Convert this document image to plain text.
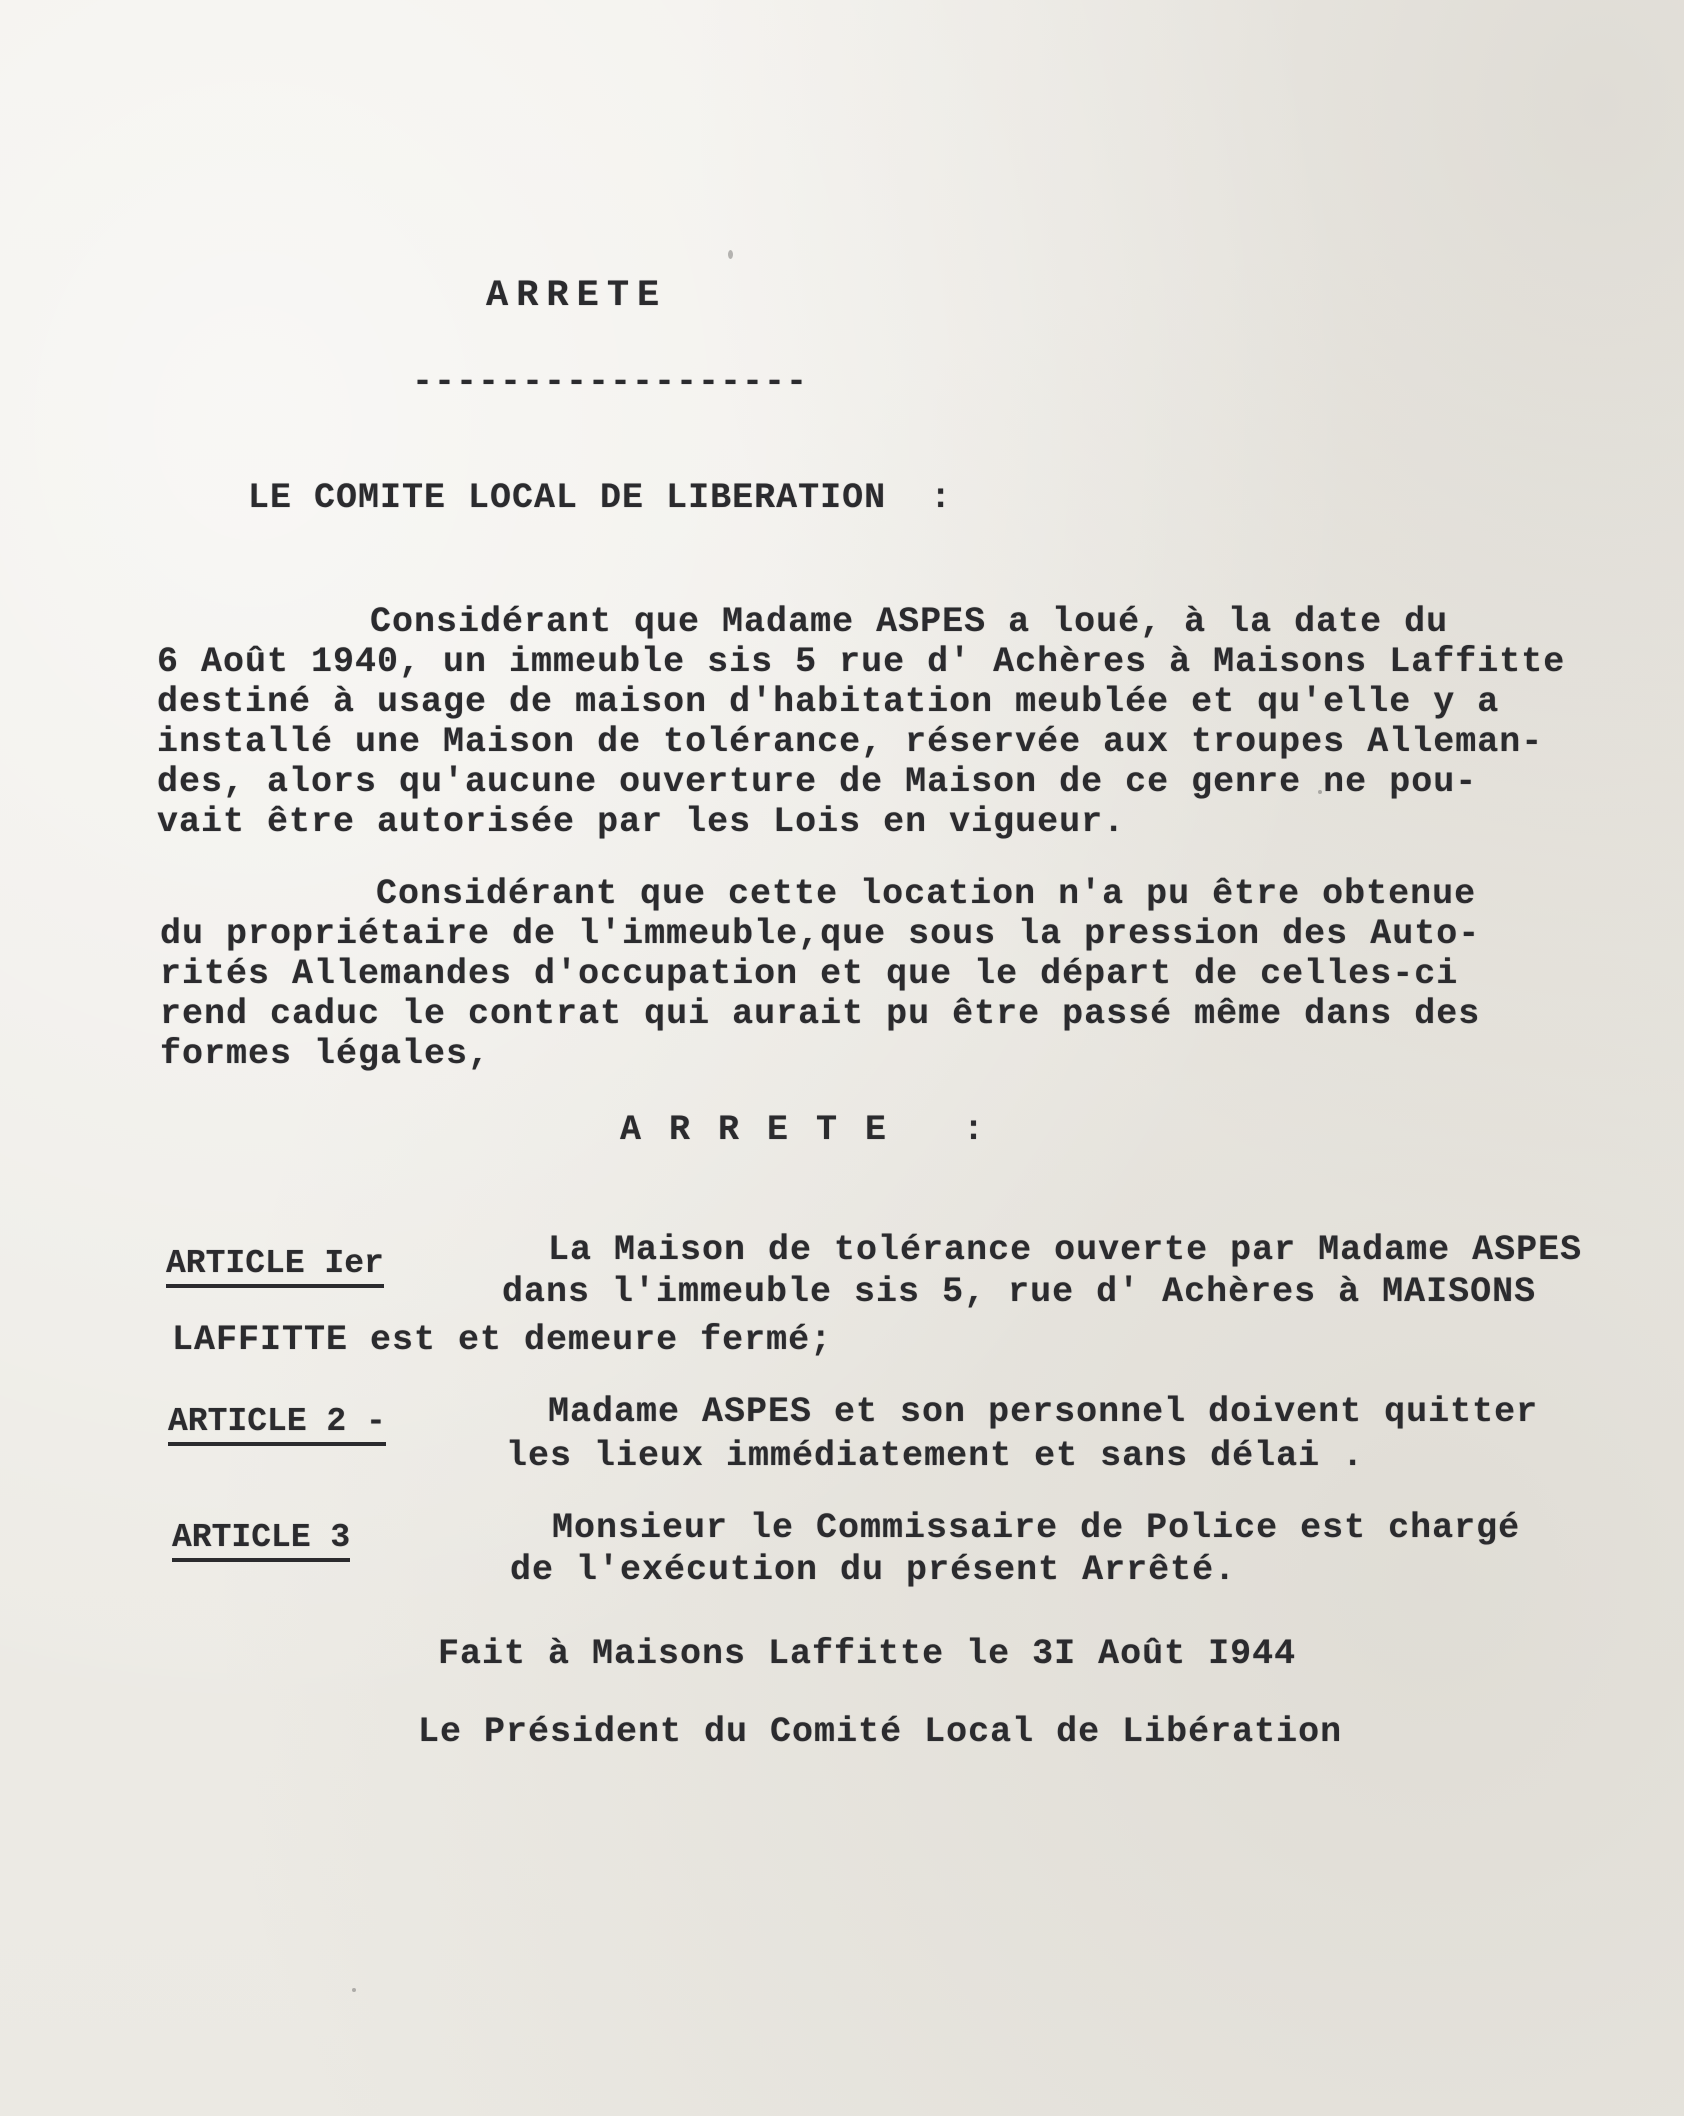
ARRETE
------------------
LE COMITE LOCAL DE LIBERATION  :
Considérant que Madame ASPES a loué, à la date du
6 Août 1940, un immeuble sis 5 rue d' Achères à Maisons Laffitte
destiné à usage de maison d'habitation meublée et qu'elle y a
installé une Maison de tolérance, réservée aux troupes Alleman-
des, alors qu'aucune ouverture de Maison de ce genre ne pou-
vait être autorisée par les Lois en vigueur.
Considérant que cette location n'a pu être obtenue
du propriétaire de l'immeuble,que sous la pression des Auto-
rités Allemandes d'occupation et que le départ de celles-ci
rend caduc le contrat qui aurait pu être passé même dans des
formes légales,
ARRETE :
ARTICLE Ier	La Maison de tolérance ouverte par Madame ASPES
dans l'immeuble sis 5, rue d' Achères à MAISONS
LAFFITTE est et demeure fermé;
ARTICLE 2 -	Madame ASPES et son personnel doivent quitter
les lieux immédiatement et sans délai .
ARTICLE 3	Monsieur le Commissaire de Police est chargé
de l'exécution du présent Arrêté.
Fait à Maisons Laffitte le 3I Août I944
Le Président du Comité Local de Libération
